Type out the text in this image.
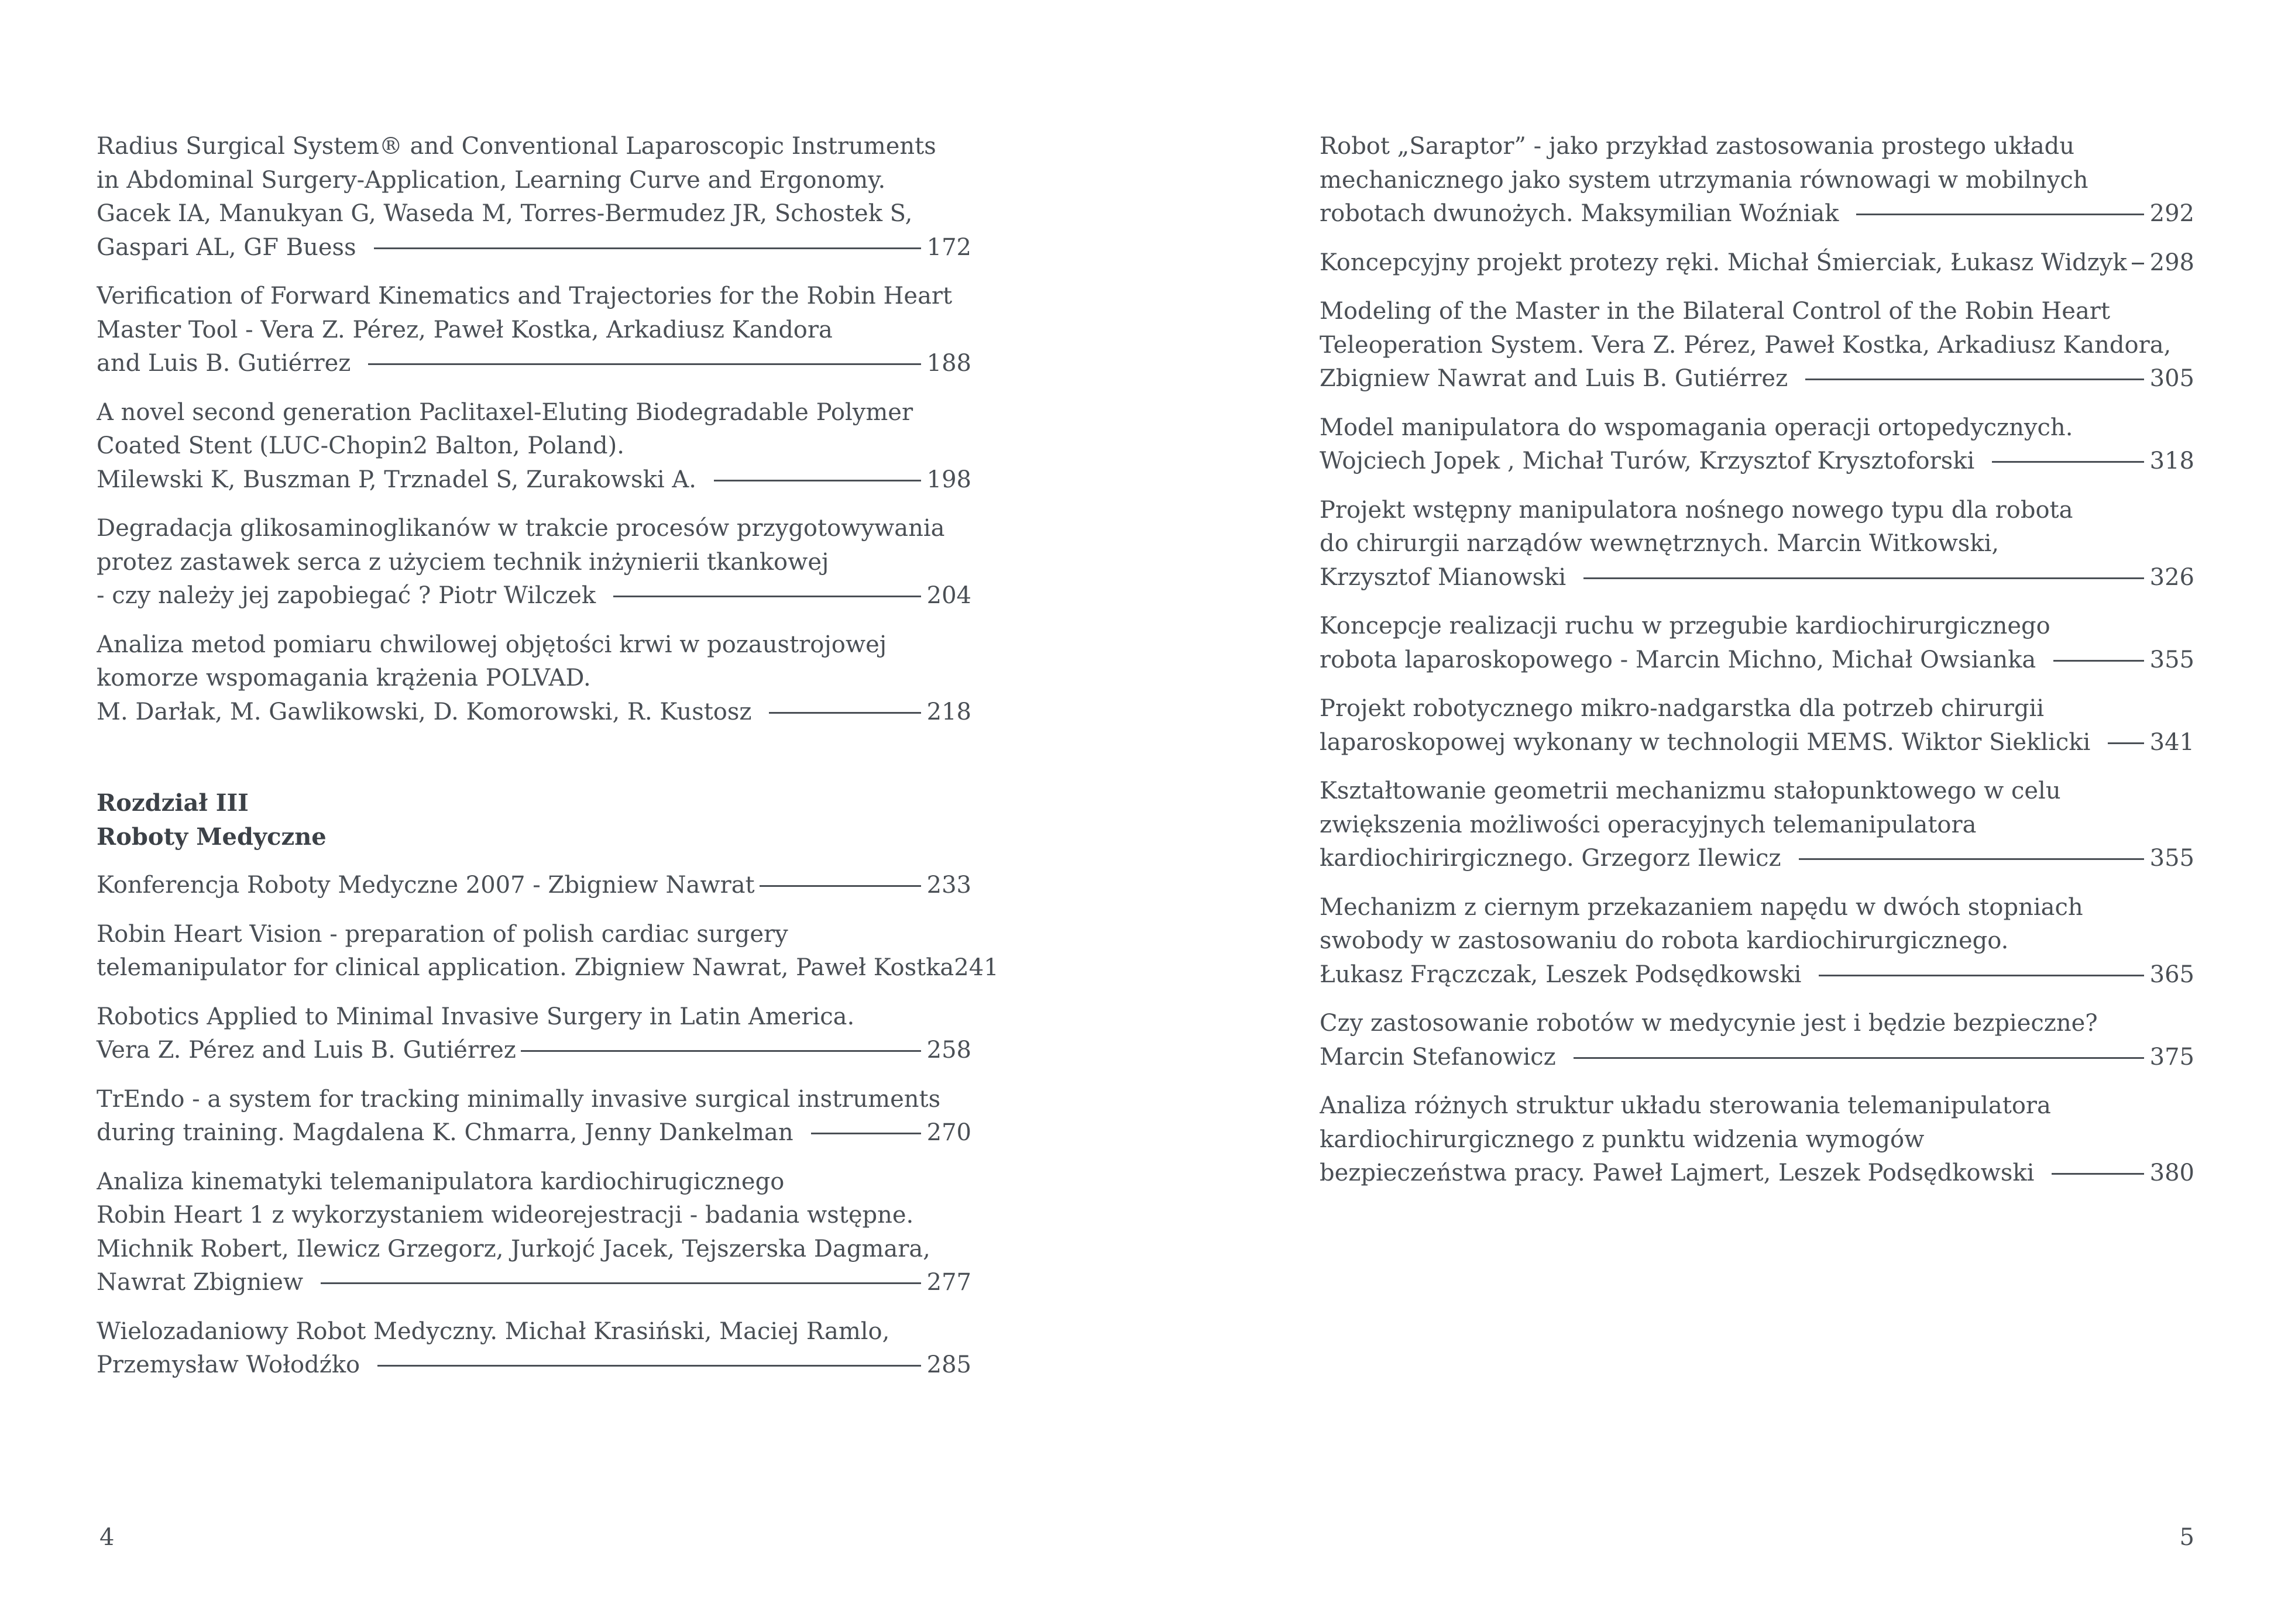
Radius Surgical System® and Conventional Laparoscopic Instruments
in Abdominal Surgery-Application, Learning Curve and Ergonomy.
Gacek IA, Manukyan G, Waseda M, Torres-Bermudez JR, Schostek S,
Gaspari AL, GF Buess	172
Verification of Forward Kinematics and Trajectories for the Robin Heart
Master Tool - Vera Z. Pérez, Paweł Kostka, Arkadiusz Kandora
and Luis B. Gutiérrez	188
A novel second generation Paclitaxel-Eluting Biodegradable Polymer
Coated Stent (LUC-Chopin2 Balton, Poland).
Milewski K, Buszman P, Trznadel S, Zurakowski A.	198
Degradacja glikosaminoglikanów w trakcie procesów przygotowywania
protez zastawek serca z użyciem technik inżynierii tkankowej
- czy należy jej zapobiegać ? Piotr Wilczek	204
Analiza metod pomiaru chwilowej objętości krwi w pozaustrojowej
komorze wspomagania krążenia POLVAD.
M. Darłak, M. Gawlikowski, D. Komorowski, R. Kustosz	218
Rozdział III
Roboty Medyczne
Konferencja Roboty Medyczne 2007 - Zbigniew Nawrat	233
Robin Heart Vision - preparation of polish cardiac surgery
telemanipulator for clinical application. Zbigniew Nawrat, Paweł Kostka 241
Robotics Applied to Minimal Invasive Surgery in Latin America.
Vera Z. Pérez and Luis B. Gutiérrez	258
TrEndo - a system for tracking minimally invasive surgical instruments
during training. Magdalena K. Chmarra, Jenny Dankelman	270
Analiza kinematyki telemanipulatora kardiochirugicznego
Robin Heart 1 z wykorzystaniem wideorejestracji - badania wstępne.
Michnik Robert, Ilewicz Grzegorz, Jurkojć Jacek, Tejszerska Dagmara,
Nawrat Zbigniew	277
Wielozadaniowy Robot Medyczny. Michał Krasiński, Maciej Ramlo,
Przemysław Wołodźko	285
Robot „Saraptor” - jako przykład zastosowania prostego układu
mechanicznego jako system utrzymania równowagi w mobilnych
robotach dwunożych. Maksymilian Woźniak	292
Koncepcyjny projekt protezy ręki. Michał Śmierciak, Łukasz Widzyk 298
Modeling of the Master in the Bilateral Control of the Robin Heart
Teleoperation System. Vera Z. Pérez, Paweł Kostka, Arkadiusz Kandora,
Zbigniew Nawrat and Luis B. Gutiérrez	305
Model manipulatora do wspomagania operacji ortopedycznych.
Wojciech Jopek , Michał Turów, Krzysztof Krysztoforski	318
Projekt wstępny manipulatora nośnego nowego typu dla robota
do chirurgii narządów wewnętrznych. Marcin Witkowski,
Krzysztof Mianowski	326
Koncepcje realizacji ruchu w przegubie kardiochirurgicznego
robota laparoskopowego - Marcin Michno, Michał Owsianka	355
Projekt robotycznego mikro-nadgarstka dla potrzeb chirurgii
laparoskopowej wykonany w technologii MEMS. Wiktor Sieklicki	341
Kształtowanie geometrii mechanizmu stałopunktowego w celu
zwiększenia możliwości operacyjnych telemanipulatora
kardiochirirgicznego. Grzegorz Ilewicz	355
Mechanizm z ciernym przekazaniem napędu w dwóch stopniach
swobody w zastosowaniu do robota kardiochirurgicznego.
Łukasz Frączczak, Leszek Podsędkowski	365
Czy zastosowanie robotów w medycynie jest i będzie bezpieczne?
Marcin Stefanowicz	375
Analiza różnych struktur układu sterowania telemanipulatora
kardiochirurgicznego z punktu widzenia wymogów
bezpieczeństwa pracy. Paweł Lajmert, Leszek Podsędkowski	380
4	5
